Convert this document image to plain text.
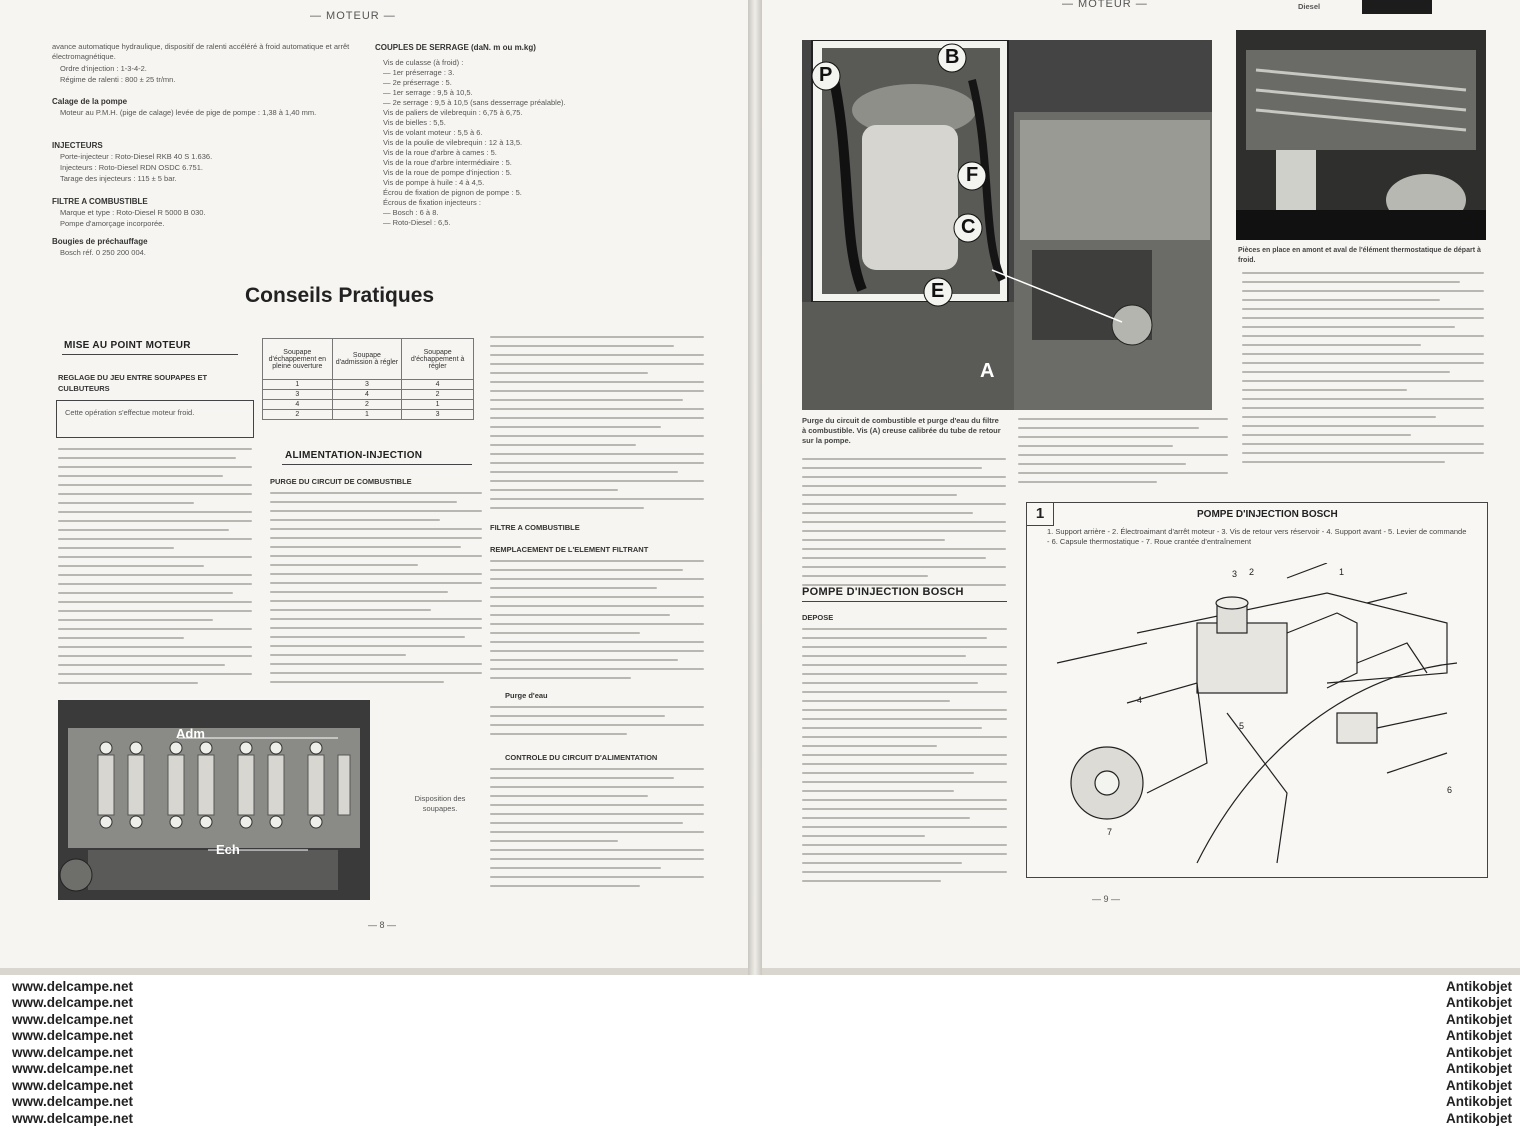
— MOTEUR —
avance automatique hydraulique, dispositif de ralenti accéléré à froid automatique et arrêt électromagnétique.
Ordre d'injection : 1-3-4-2.
Régime de ralenti : 800 ± 25 tr/mn.
Calage de la pompe
Moteur au P.M.H. (pige de calage) levée de pige de pompe : 1,38 à 1,40 mm.
INJECTEURS
Porte-injecteur : Roto-Diesel RKB 40 S 1.636.
Injecteurs : Roto-Diesel RDN OSDC 6.751.
Tarage des injecteurs : 115 ± 5 bar.
FILTRE A COMBUSTIBLE
Marque et type : Roto-Diesel R 5000 B 030.
Pompe d'amorçage incorporée.
Bougies de préchauffage
Bosch réf. 0 250 200 004.
COUPLES DE SERRAGE (daN. m ou m.kg)
Vis de culasse (à froid) :
— 1er préserrage : 3.
— 2e préserrage : 5.
— 1er serrage : 9,5 à 10,5.
— 2e serrage : 9,5 à 10,5 (sans desserrage préalable).
Vis de paliers de vilebrequin : 6,75 à 6,75.
Vis de bielles : 5,5.
Vis de volant moteur : 5,5 à 6.
Vis de la poulie de vilebrequin : 12 à 13,5.
Vis de la roue d'arbre à cames : 5.
Vis de la roue d'arbre intermédiaire : 5.
Vis de la roue de pompe d'injection : 5.
Vis de pompe à huile : 4 à 4,5.
Écrou de fixation de pignon de pompe : 5.
Écrous de fixation injecteurs :
— Bosch : 6 à 8.
— Roto-Diesel : 6,5.
Conseils Pratiques
MISE AU POINT MOTEUR
REGLAGE DU JEU ENTRE SOUPAPES ET CULBUTEURS
Cette opération s'effectue moteur froid.
Soupape d'échappement en pleine ouverture	Soupape d'admission à régler	Soupape d'échappement à régler
1	3	4
3	4	2
4	2	1
2	1	3
ALIMENTATION-INJECTION
PURGE DU CIRCUIT DE COMBUSTIBLE
FILTRE A COMBUSTIBLE
REMPLACEMENT DE L'ELEMENT FILTRANT
Purge d'eau
CONTROLE DU CIRCUIT D'ALIMENTATION
Adm
Ech
Disposition des soupapes.
— 8 —
— MOTEUR —	Diesel
P
B
F
C
E
A
Purge du circuit de combustible et purge d'eau du filtre à combustible. Vis (A) creuse calibrée du tube de retour sur la pompe.
Pièces en place en amont et aval de l'élément thermostatique de départ à froid.
POMPE D'INJECTION BOSCH
DEPOSE
1	POMPE D'INJECTION BOSCH
1. Support arrière - 2. Électroaimant d'arrêt moteur - 3. Vis de retour vers réservoir - 4. Support avant - 5. Levier de commande - 6. Capsule thermostatique - 7. Roue crantée d'entraînement
1
2
3
4
5
6
7
— 9 —
www.delcampe.net
www.delcampe.net
www.delcampe.net
www.delcampe.net
www.delcampe.net
www.delcampe.net
www.delcampe.net
www.delcampe.net
www.delcampe.net
Antikobjet
Antikobjet
Antikobjet
Antikobjet
Antikobjet
Antikobjet
Antikobjet
Antikobjet
Antikobjet
